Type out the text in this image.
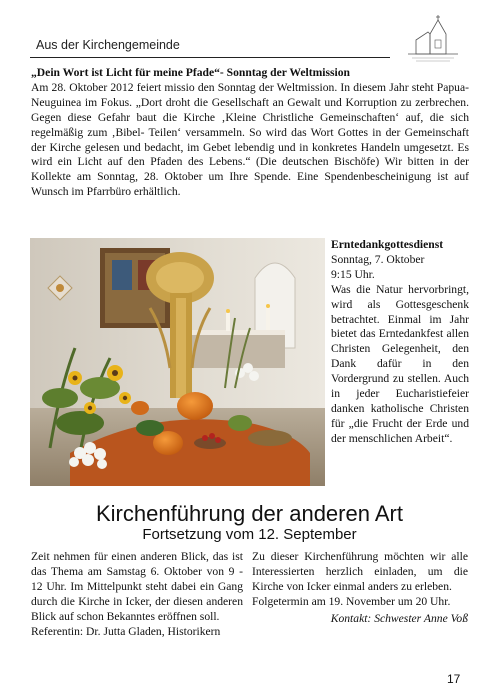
Aus der Kirchengemeinde
„Dein Wort ist Licht für meine Pfade“- Sonntag der Weltmission
Am 28. Oktober 2012 feiert missio den Sonntag der Weltmission. In diesem Jahr steht Papua- Neuguinea im Fokus. „Dort droht die Gesellschaft an Gewalt und Korruption zu zerbrechen. Gegen diese Gefahr baut die Kirche ‚Kleine Christliche Gemeinschaften‘ auf, die sich regelmäßig zum ‚Bibel- Teilen‘ versammeln. So wird das Wort Gottes in der Gemeinschaft der Kirche gelesen und bedacht, im Gebet lebendig und in konkretes Handeln umgesetzt. Es wird ein Licht auf den Pfaden des Lebens.“ (Die deutschen Bischöfe) Wir bitten in der Kollekte am Sonntag, 28. Oktober um Ihre Spende. Eine Spendenbescheinigung ist auf Wunsch im Pfarrbüro erhältlich.
Erntedankgottesdienst
Sonntag, 7. Oktober
9:15 Uhr.
Was die Natur hervorbringt, wird als Gottesgeschenk betrachtet. Einmal im Jahr bietet das Erntedankfest allen Christen Gelegenheit, den Dank dafür in den Vordergrund zu stellen. Auch in jeder Eucharistiefeier danken katholische Christen für „die Frucht der Erde und der menschlichen Arbeit“.
Kirchenführung der anderen Art
Fortsetzung vom 12. September
Zeit nehmen für einen anderen Blick, das ist das Thema am Samstag 6. Oktober von 9 - 12 Uhr. Im Mittelpunkt steht dabei ein Gang durch die Kirche in Icker, der diesen anderen Blick auf schon Bekanntes eröffnen soll.
Referentin: Dr. Jutta Gladen, Historikern
Zu dieser Kirchenführung möchten wir alle Interessierten herzlich einladen, um die Kirche von Icker einmal anders zu erleben.
Folgetermin am 19. November um 20 Uhr.
Kontakt: Schwester Anne Voß
17
